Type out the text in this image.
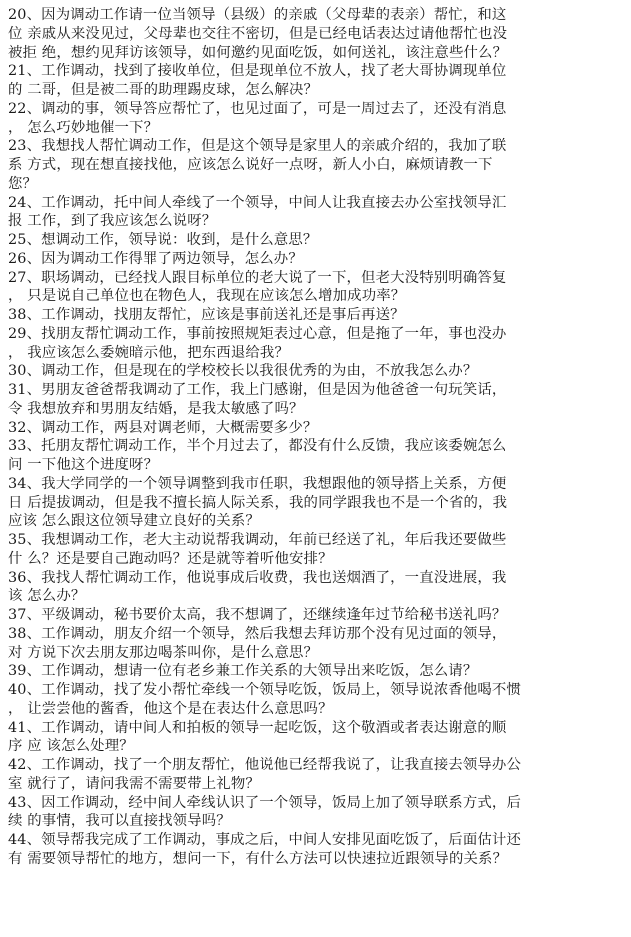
20、因为调动工作请一位当领导（县级）的亲戚（父母辈的表亲）帮忙，和这
位 亲戚从来没见过，父母辈也交往不密切，但是已经电话表达过请他帮忙也没
被拒 绝，想约见拜访该领导，如何邀约见面吃饭，如何送礼，该注意些什么？
21、工作调动，找到了接收单位，但是现单位不放人，找了老大哥协调现单位
的 二哥，但是被二哥的助理踢皮球，怎么解决？
22、调动的事，领导答应帮忙了，也见过面了，可是一周过去了，还没有消息
， 怎么巧妙地催一下？
23、我想找人帮忙调动工作，但是这个领导是家里人的亲戚介绍的，我加了联
系 方式，现在想直接找他，应该怎么说好一点呀，新人小白，麻烦请教一下
您？
24、工作调动，托中间人牵线了一个领导，中间人让我直接去办公室找领导汇
报 工作，到了我应该怎么说呀？
25、想调动工作，领导说：收到，是什么意思？
26、因为调动工作得罪了两边领导，怎么办？
27、职场调动，已经找人跟目标单位的老大说了一下，但老大没特别明确答复
， 只是说自己单位也在物色人，我现在应该怎么增加成功率？
38、工作调动，找朋友帮忙，应该是事前送礼还是事后再送？
29、找朋友帮忙调动工作，事前按照规矩表过心意，但是拖了一年，事也没办
， 我应该怎么委婉暗示他，把东西退给我？
30、调动工作，但是现在的学校校长以我很优秀的为由，不放我怎么办？
31、男朋友爸爸帮我调动了工作，我上门感谢，但是因为他爸爸一句玩笑话，
令 我想放弃和男朋友结婚，是我太敏感了吗？
32、调动工作，两县对调老师，大概需要多少？
33、托朋友帮忙调动工作，半个月过去了，都没有什么反馈，我应该委婉怎么
问 一下他这个进度呀？
34、我大学同学的一个领导调整到我市任职，我想跟他的领导搭上关系，方便
日 后提拔调动，但是我不擅长搞人际关系，我的同学跟我也不是一个省的，我
应该 怎么跟这位领导建立良好的关系？
35、我想调动工作，老大主动说帮我调动，年前已经送了礼，年后我还要做些
什 么？还是要自己跑动吗？还是就等着听他安排？
36、我找人帮忙调动工作，他说事成后收费，我也送烟酒了，一直没进展，我
该 怎么办？
37、平级调动，秘书要价太高，我不想调了，还继续逢年过节给秘书送礼吗？
38、工作调动，朋友介绍一个领导，然后我想去拜访那个没有见过面的领导，
对 方说下次去朋友那边喝茶叫你，是什么意思？
39、工作调动，想请一位有老乡兼工作关系的大领导出来吃饭，怎么请？
40、工作调动，找了发小帮忙牵线一个领导吃饭，饭局上，领导说浓香他喝不惯
， 让尝尝他的酱香，他这个是在表达什么意思吗？
41、工作调动，请中间人和拍板的领导一起吃饭，这个敬酒或者表达谢意的顺
序 应 该怎么处理？
42、工作调动，找了一个朋友帮忙，他说他已经帮我说了，让我直接去领导办公
室 就行了，请问我需不需要带上礼物？
43、因工作调动，经中间人牵线认识了一个领导，饭局上加了领导联系方式，后
续 的事情，我可以直接找领导吗？
44、领导帮我完成了工作调动，事成之后，中间人安排见面吃饭了，后面估计还
有 需要领导帮忙的地方，想问一下，有什么方法可以快速拉近跟领导的关系？
